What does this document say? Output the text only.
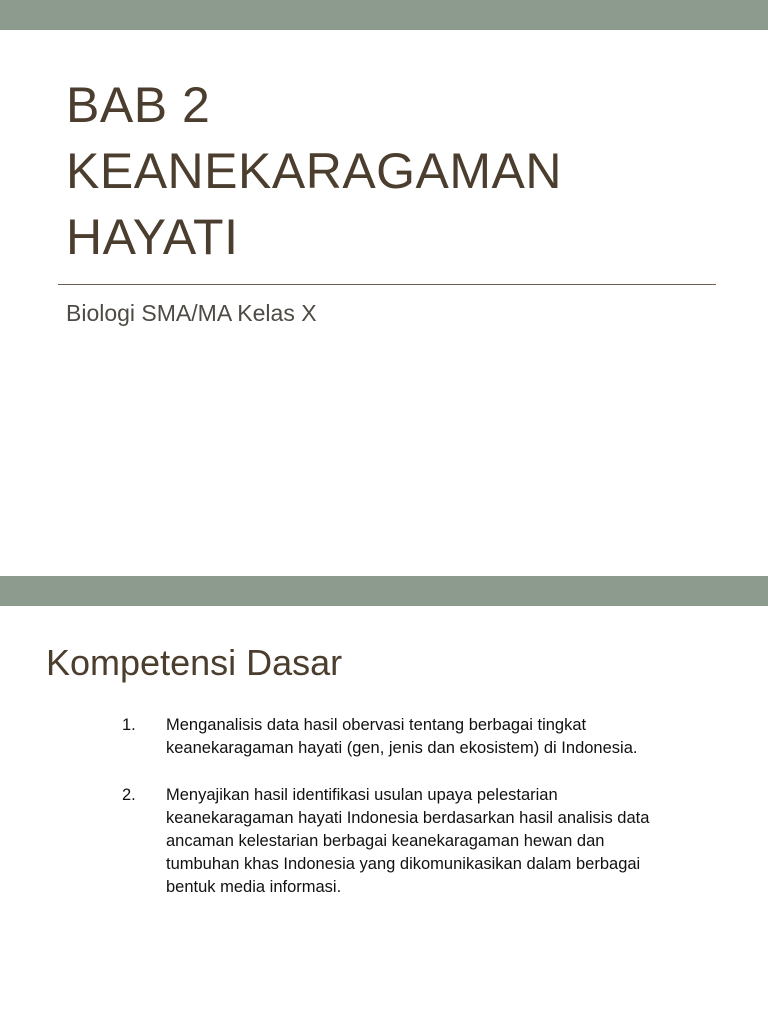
BAB 2
KEANEKARAGAMAN
HAYATI

Biologi SMA/MA Kelas X

Kompetensi Dasar
1. Menganalisis data hasil obervasi tentang berbagai tingkat keanekaragaman hayati (gen, jenis dan ekosistem) di Indonesia.
2. Menyajikan hasil identifikasi usulan upaya pelestarian keanekaragaman hayati Indonesia berdasarkan hasil analisis data ancaman kelestarian berbagai keanekaragaman hewan dan tumbuhan khas Indonesia yang dikomunikasikan dalam berbagai bentuk media informasi.
